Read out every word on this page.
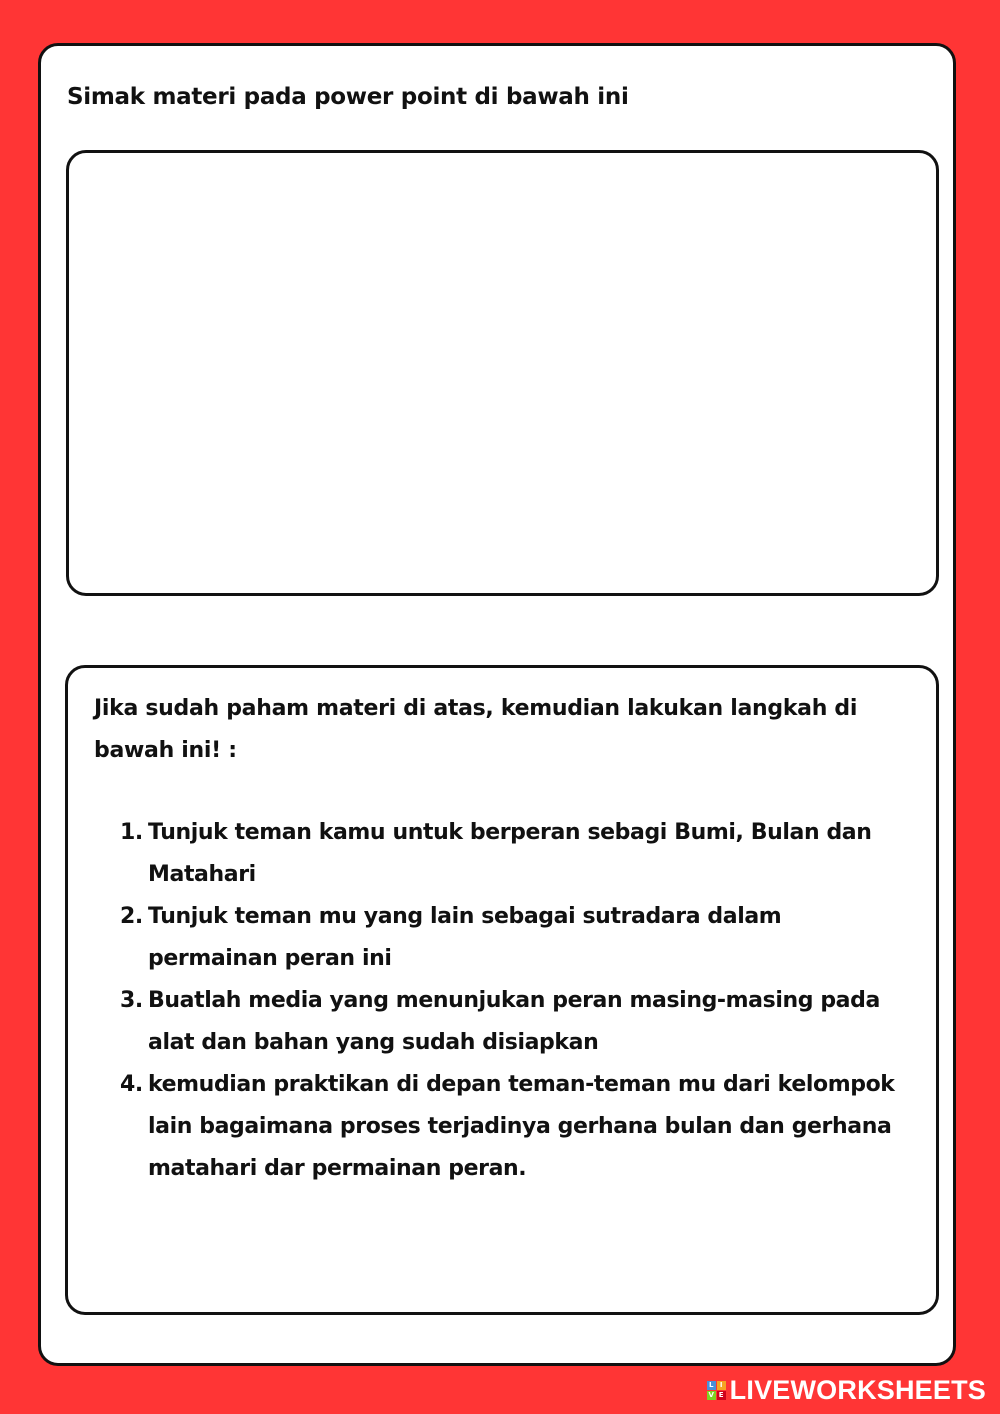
Simak materi pada power point di bawah ini

Jika sudah paham materi di atas, kemudian lakukan langkah di bawah ini! :

1. Tunjuk teman kamu untuk berperan sebagi Bumi, Bulan dan Matahari
2. Tunjuk teman mu yang lain sebagai sutradara dalam permainan peran ini
3. Buatlah media yang menunjukan peran masing-masing pada alat dan bahan yang sudah disiapkan
4. kemudian praktikan di depan teman-teman mu dari kelompok lain bagaimana proses terjadinya gerhana bulan dan gerhana matahari dar permainan peran.
L I
V E LIVEWORKSHEETS
